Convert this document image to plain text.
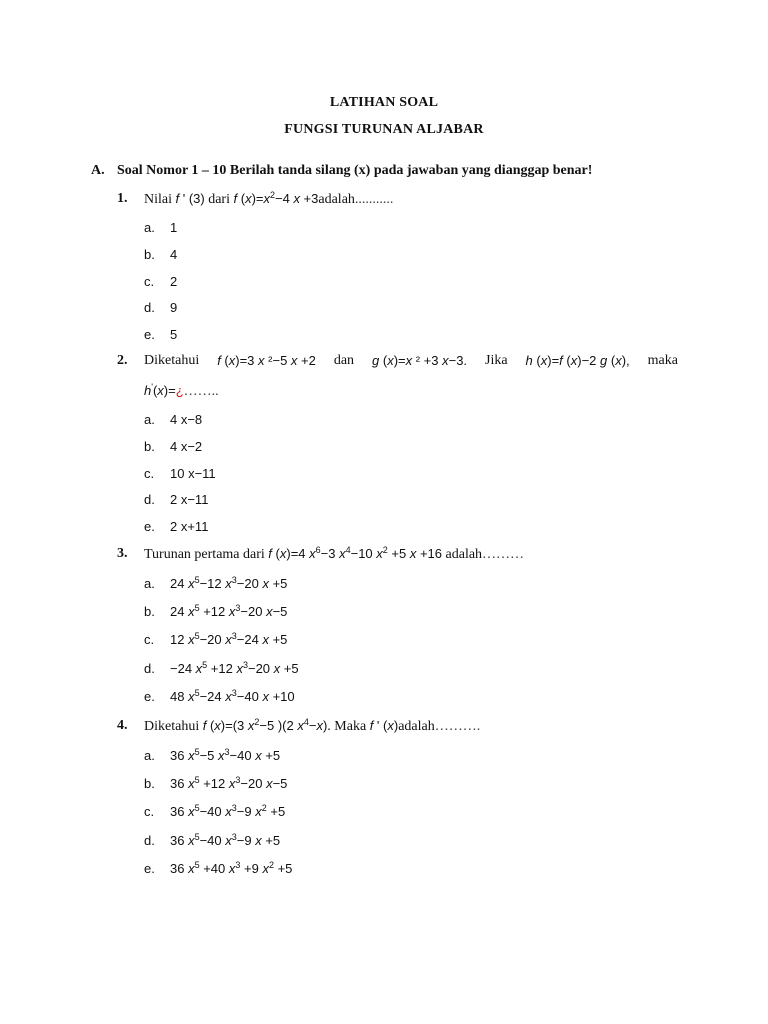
LATIHAN SOAL
FUNGSI TURUNAN ALJABAR
A. Soal Nomor 1 – 10 Berilah tanda silang (x) pada jawaban yang dianggap benar!
1. Nilai f ' (3) dari f $(x)=x^2-4$ x +3adalah...........
a. 1
b. 4
c. 2
d. 9
e. 5
2. Diketahui f (x)=3 x ²−5 x +2 dan g (x)=x ² +3 x−3. Jika h (x)=f (x)−2 g (x), maka
h'(x)=¿……..
a. 4 x−8
b. 4 x−2
c. 10 x−11
d. 2 x−11
e. 2 x+11
3. Turunan pertama dari f (x)=4 $x^6-3$ $x^4-10$ $x^2 +5$ x +16 adalah………
a. 24 $x^5-12$ $x^3-20$ x +5
b. 24 $x^5 +12$ $x^3-20$ x−5
c. 12 $x^5-20$ $x^3-24$ x +5
d. −24 $x^5 +12$ $x^3-20$ x +5
e. 48 $x^5-24$ $x^3-40$ x +10
4. Diketahui f (x)=(3 $x^2-5$ )(2 $x^4-x$). Maka f ' (x)adalah……….
a. 36 $x^5-5$ $x^3-40$ x +5
b. 36 $x^5 +12$ $x^3-20$ x−5
c. 36 $x^5-40$ $x^3-9$ $x^2 +5$
d. 36 $x^5-40$ $x^3-9$ x +5
e. 36 $x^5 +40$ $x^3 +9$ $x^2 +5$
